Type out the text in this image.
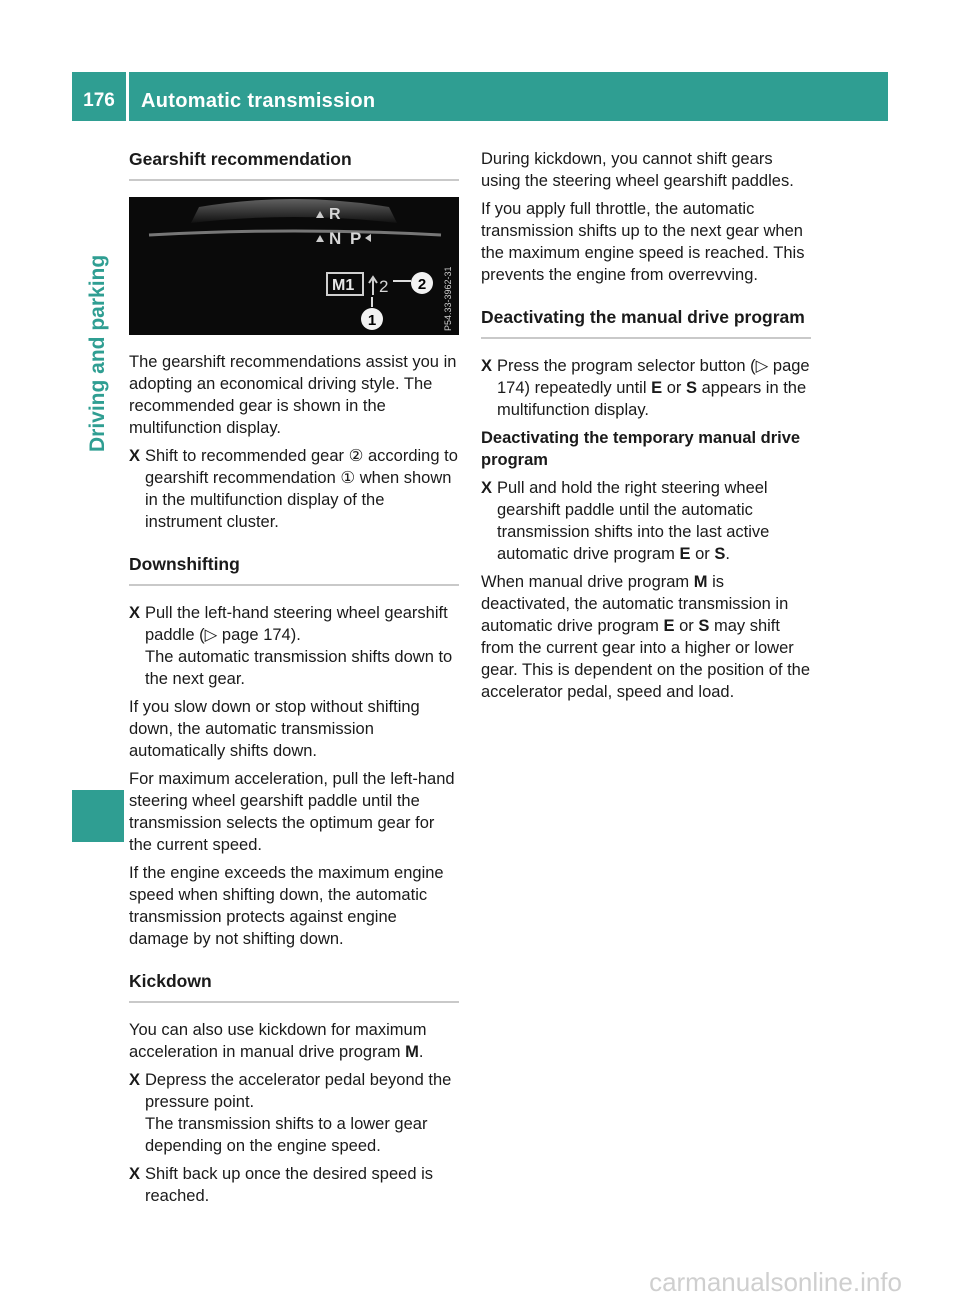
176	Automatic transmission
Driving and parking
Gearshift recommendation
R
N P
M1 2 2
1	P54.33-3962-31

The gearshift recommendations assist you in adopting an economical driving style. The recommended gear is shown in the multifunction display.

X Shift to recommended gear ② according to gearshift recommendation ① when shown in the multifunction display of the instrument cluster.
Downshifting
X Pull the left-hand steering wheel gearshift paddle (▷ page 174).
The automatic transmission shifts down to the next gear.

If you slow down or stop without shifting down, the automatic transmission automatically shifts down.

For maximum acceleration, pull the left-hand steering wheel gearshift paddle until the transmission selects the optimum gear for the current speed.

If the engine exceeds the maximum engine speed when shifting down, the automatic transmission protects against engine damage by not shifting down.

Kickdown

You can also use kickdown for maximum acceleration in manual drive program M.

X Depress the accelerator pedal beyond the pressure point.
The transmission shifts to a lower gear depending on the engine speed.
X Shift back up once the desired speed is reached.

During kickdown, you cannot shift gears using the steering wheel gearshift paddles.

If you apply full throttle, the automatic transmission shifts up to the next gear when the maximum engine speed is reached. This prevents the engine from overrevving.

Deactivating the manual drive program
X Press the program selector button (▷ page 174) repeatedly until E or S appears in the multifunction display.
Deactivating the temporary manual drive program
X Pull and hold the right steering wheel gearshift paddle until the automatic transmission shifts into the last active automatic drive program E or S.

When manual drive program M is deactivated, the automatic transmission in automatic drive program E or S may shift from the current gear into a higher or lower gear. This is dependent on the position of the accelerator pedal, speed and load.

carmanualsonline.info
